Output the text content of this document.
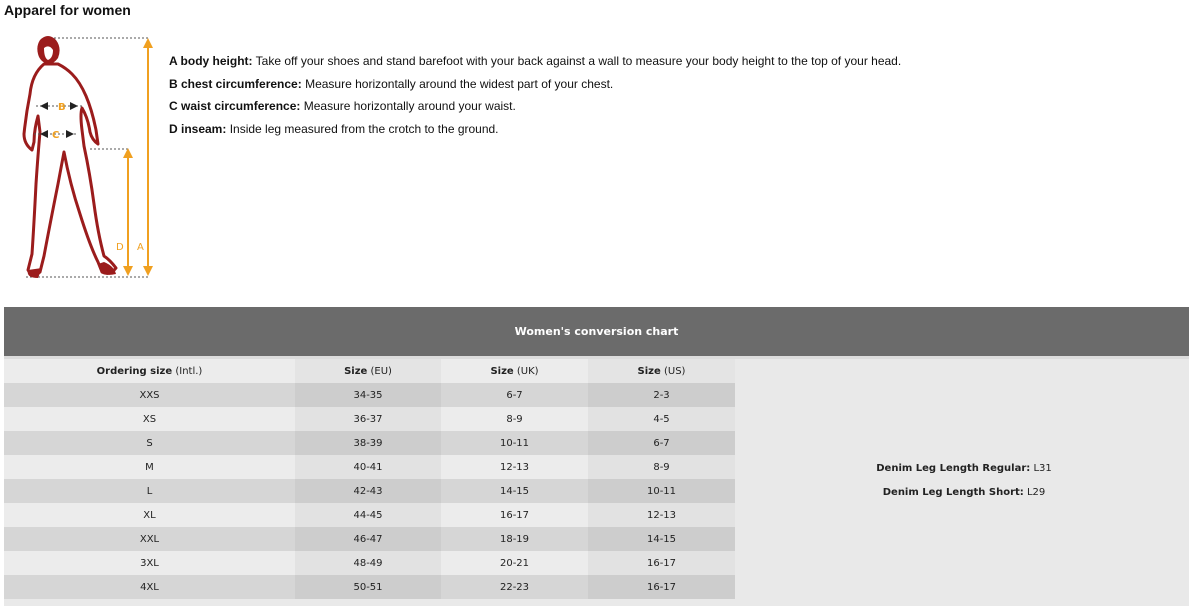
Apparel for women
B
C
D A
A body height: Take off your shoes and stand barefoot with your back against a wall to measure your body height to the top of your head.
B chest circumference: Measure horizontally around the widest part of your chest.
C waist circumference: Measure horizontally around your waist.
D inseam: Inside leg measured from the crotch to the ground.
Women's conversion chart
Ordering size (Intl.)	Size (EU)	Size (UK)	Size (US)
XXS	34-35	6-7	2-3
XS	36-37	8-9	4-5
S	38-39	10-11	6-7
M	40-41	12-13	8-9
L	42-43	14-15	10-11
XL	44-45	16-17	12-13
XXL	46-47	18-19	14-15
3XL	48-49	20-21	16-17
4XL	50-51	22-23	16-17
Denim Leg Length Regular: L31
Denim Leg Length Short: L29
